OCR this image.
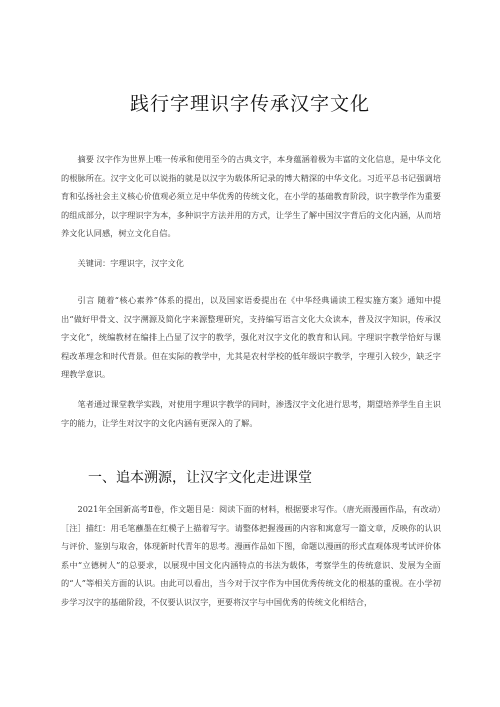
践行字理识字传承汉字文化

摘要 汉字作为世界上唯一传承和使用至今的古典文字，本身蕴涵着极为丰富的文化信息，是中华文化的根脉所在。汉字文化可以说指的就是以汉字为载体所记录的博大精深的中华文化。习近平总书记强调培育和弘扬社会主义核心价值观必须立足中华优秀的传统文化，在小学的基础教育阶段，识字教学作为重要的组成部分，以字理识字为本，多种识字方法并用的方式，让学生了解中国汉字背后的文化内涵，从而培养文化认同感，树立文化自信。

关键词：字理识字，汉字文化

引言 随着“核心素养”体系的提出，以及国家语委提出在《中华经典诵读工程实施方案》通知中提出“做好甲骨文、汉字溯源及简化字来源整理研究，支持编写语言文化大众读本，普及汉字知识，传承汉字文化”，统编教材在编排上凸显了汉字的教学，强化对汉字文化的教育和认同。字理识字教学恰好与课程改革理念和时代背景。但在实际的教学中，尤其是农村学校的低年级识字教学，字理引入较少，缺乏字理教学意识。

笔者通过课堂教学实践，对使用字理识字教学的同时，渗透汉字文化进行思考，期望培养学生自主识字的能力，让学生对汉字的文化内涵有更深入的了解。

一、追本溯源，让汉字文化走进课堂

2021年全国新高考Ⅱ卷，作文题目是：阅读下面的材料，根据要求写作。（唐光雨漫画作品，有改动）［注］描红：用毛笔蘸墨在红模子上描着写字。请整体把握漫画的内容和寓意写一篇文章，反映你的认识与评价、鉴别与取舍，体现新时代青年的思考。漫画作品如下图，命题以漫画的形式直观体现考试评价体系中“立德树人”的总要求，以展现中国文化内涵特点的书法为载体，考察学生的传统意识、发展为全面的“人”等相关方面的认识。由此可以看出，当今对于汉字作为中国优秀传统文化的根基的重视。在小学初步学习汉字的基础阶段，不仅要认识汉字，更要将汉字与中国优秀的传统文化相结合，
